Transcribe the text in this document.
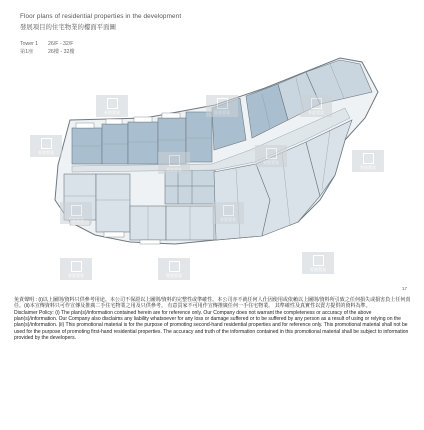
Floor plans of residential properties in the development
發展項目的住宅物業的樓面平面圖
Tower 1	26/F - 32/F
第1座	26樓 - 32樓
香港置業	香港置業	香港置業
香港置業
香港置業
香港置業
香港置業
香港置業	香港置業
香港置業	香港置業
香港置業
17

免責聲明 : (i)以上圖則/資料只供參考用途。本公司不保證以上圖則/資料的完整性或準確性。本公司亦不就任何人仕因使用或依賴以上圖則/資料所引致之任何損失或損害負上任何責任。(ii)本宣傳資料只可作宣傳及推廣二手住宅物業之用及只供參考。 有意買家不可用作宣傳推廣任何一手住宅物業。 其準確性及真實性以賣方提供的資料為準。

Disclaimer Policy: (i) The plan(s)/information contained herein are for reference only. Our Company does not warrant the completeness or accuracy of the above plan(s)/information. Our Company also disclaims any liability whatsoever for any loss or damage suffered or to be suffered by any person as a result of using or relying on the plan(s)/information. (ii) This promotional material is for the purpose of promoting second-hand residential properties and for reference only. This promotional material shall not be used for the purpose of promoting first-hand residential properties. The accuracy and truth of the information contained in this promotional material shall be subject to information provided by the developers.
